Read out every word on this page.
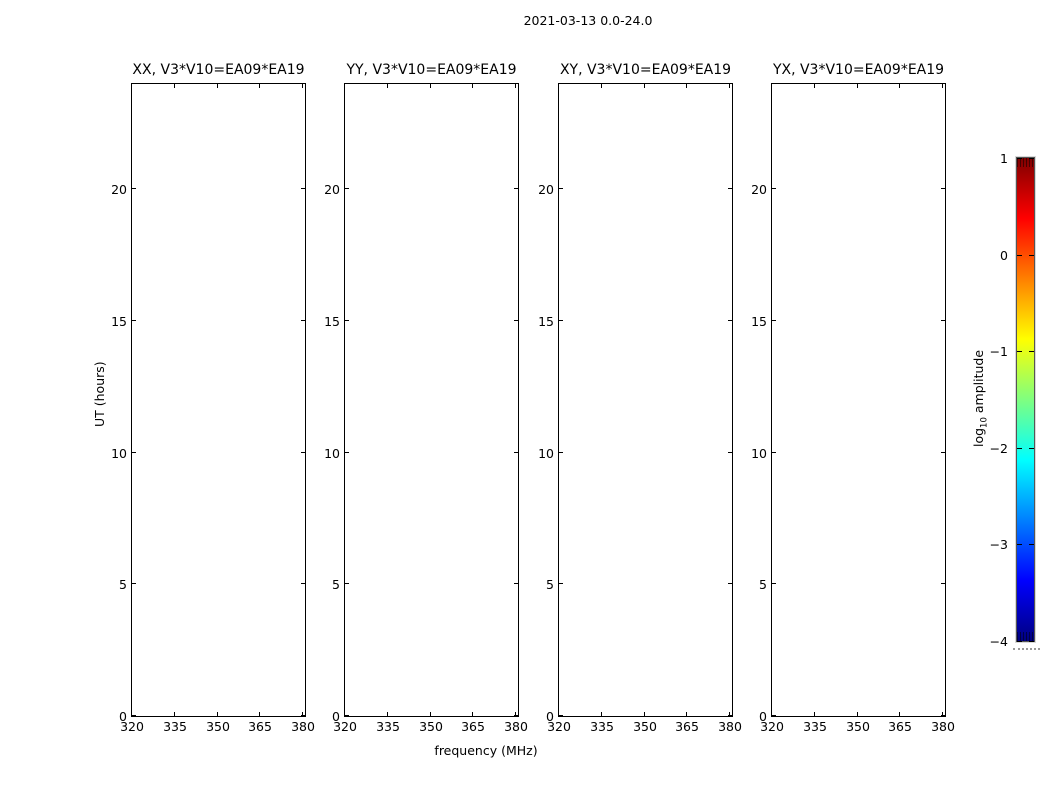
2021-03-13 0.0-24.0
XX, V3*V10=EA09*EA19
320 335 350 365 380
0
5
10
15
20
YY, V3*V10=EA09*EA19
320 335 350 365 380
0
5
10
15
20
XY, V3*V10=EA09*EA19
320 335 350 365 380
0
5
10
15
20
YX, V3*V10=EA09*EA19
320 335 350 365 380
0
5
10
15
20
UT (hours)
frequency (MHz)
1
0
−1
−2
−3
−4
$\log_{10}$ amplitude
